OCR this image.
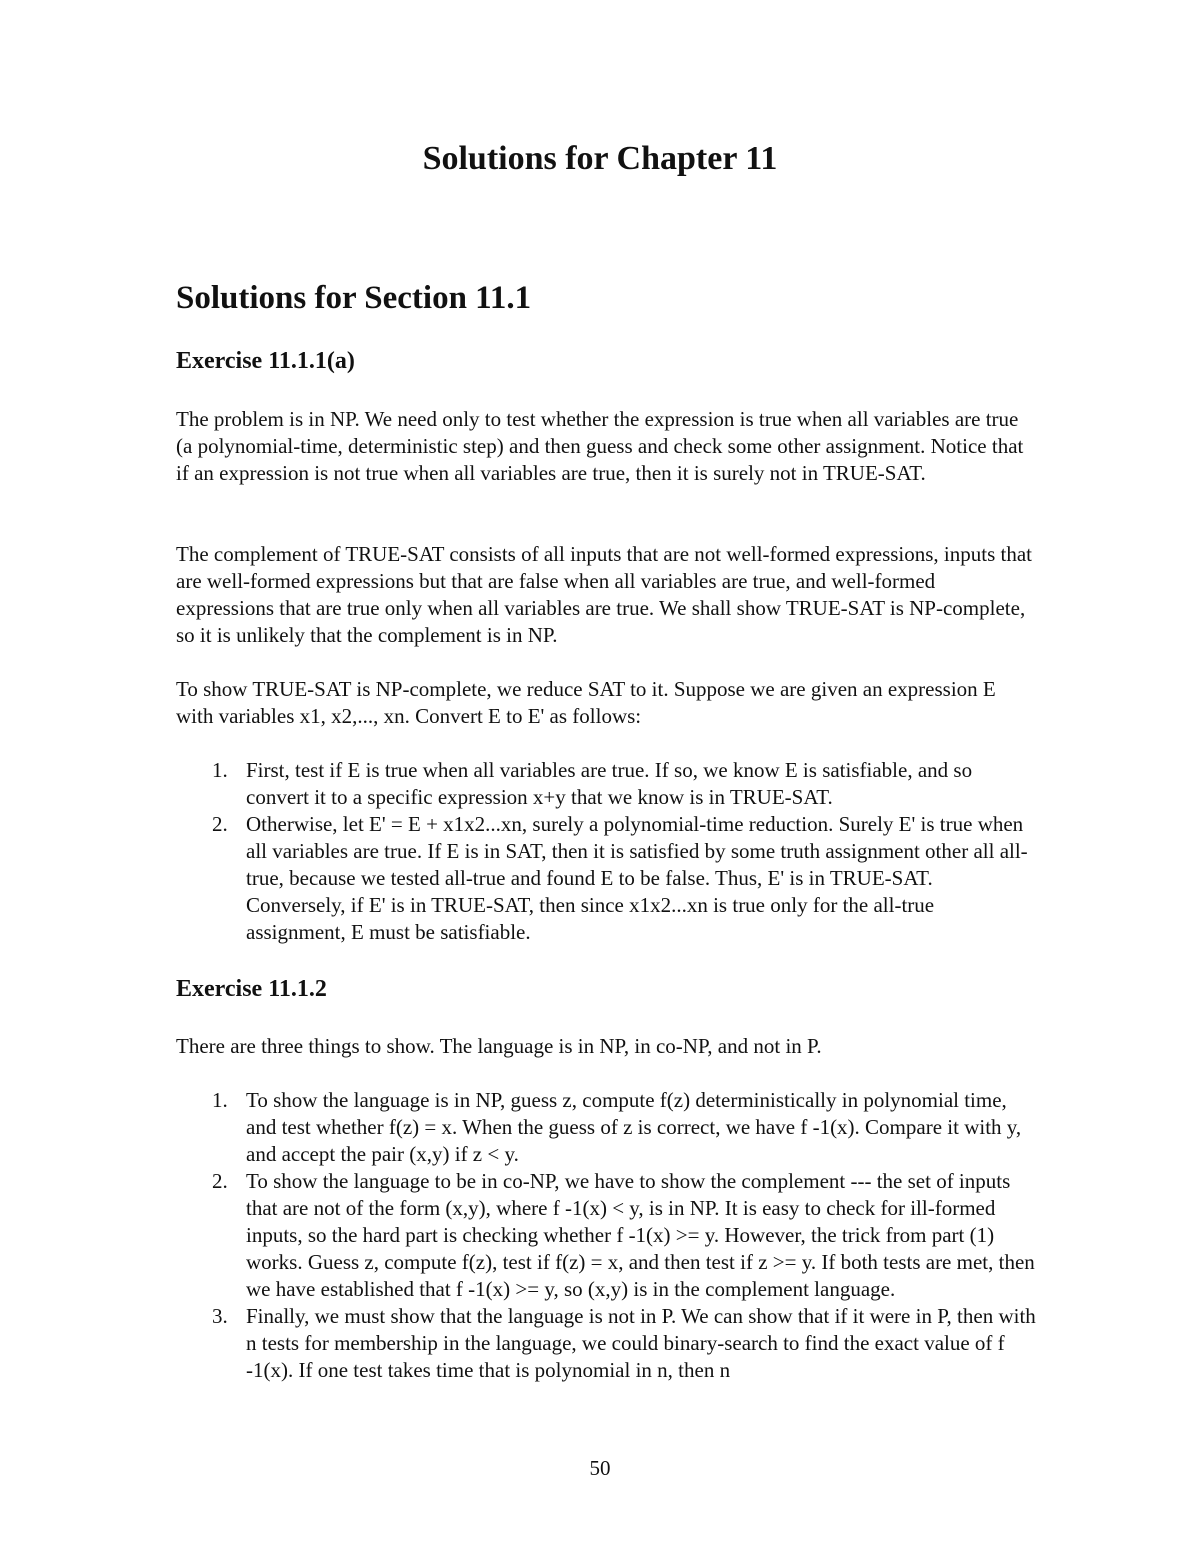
Solutions for Chapter 11
Solutions for Section 11.1
Exercise 11.1.1(a)

The problem is in NP. We need only to test whether the expression is true when all variables are true (a polynomial-time, deterministic step) and then guess and check some other assignment. Notice that if an expression is not true when all variables are true, then it is surely not in TRUE-SAT.

The complement of TRUE-SAT consists of all inputs that are not well-formed expressions, inputs that are well-formed expressions but that are false when all variables are true, and well-formed expressions that are true only when all variables are true. We shall show TRUE-SAT is NP-complete, so it is unlikely that the complement is in NP.

To show TRUE-SAT is NP-complete, we reduce SAT to it. Suppose we are given an expression E with variables x1, x2,..., xn. Convert E to E' as follows:

1. First, test if E is true when all variables are true. If so, we know E is satisfiable, and so convert it to a specific expression x+y that we know is in TRUE-SAT.
2. Otherwise, let E' = E + x1x2...xn, surely a polynomial-time reduction. Surely E' is true when all variables are true. If E is in SAT, then it is satisfied by some truth assignment other all all-true, because we tested all-true and found E to be false. Thus, E' is in TRUE-SAT. Conversely, if E' is in TRUE-SAT, then since x1x2...xn is true only for the all-true assignment, E must be satisfiable.
Exercise 11.1.2

There are three things to show. The language is in NP, in co-NP, and not in P.

1. To show the language is in NP, guess z, compute f(z) deterministically in polynomial time, and test whether f(z) = x. When the guess of z is correct, we have f -1(x). Compare it with y, and accept the pair (x,y) if z < y.
2. To show the language to be in co-NP, we have to show the complement --- the set of inputs that are not of the form (x,y), where f -1(x) < y, is in NP. It is easy to check for ill-formed inputs, so the hard part is checking whether f -1(x) >= y. However, the trick from part (1) works. Guess z, compute f(z), test if f(z) = x, and then test if z >= y. If both tests are met, then we have established that f -1(x) >= y, so (x,y) is in the complement language.
3. Finally, we must show that the language is not in P. We can show that if it were in P, then with n tests for membership in the language, we could binary-search to find the exact value of f -1(x). If one test takes time that is polynomial in n, then n
50
